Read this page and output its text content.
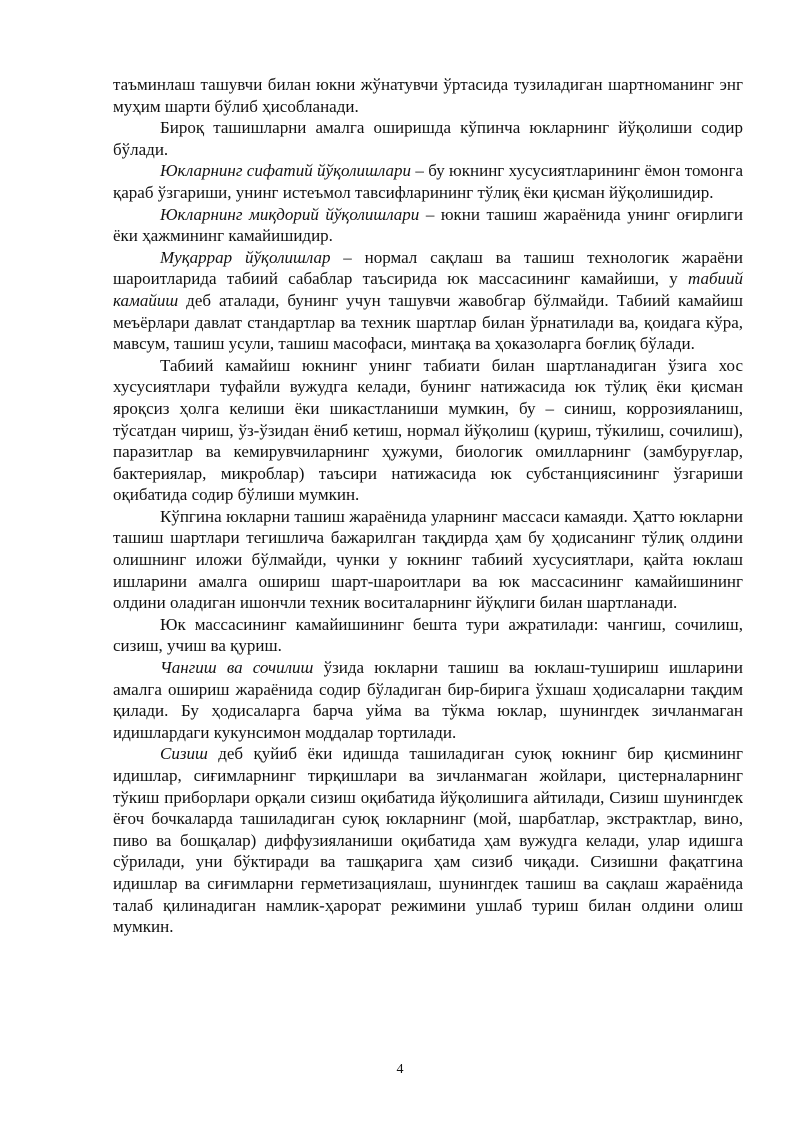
таъминлаш ташувчи билан юкни жўнатувчи ўртасида тузиладиган шартноманинг энг муҳим шарти бўлиб ҳисобланади.

Бироқ ташишларни амалга оширишда кўпинча юкларнинг йўқолиши содир бўлади.

Юкларнинг сифатий йўқолишлари – бу юкнинг хусусиятларининг ёмон томонга қараб ўзгариши, унинг истеъмол тавсифларининг тўлиқ ёки қисман йўқолишидир.

Юкларнинг миқдорий йўқолишлари – юкни ташиш жараёнида унинг оғирлиги ёки ҳажмининг камайишидир.

Муқаррар йўқолишлар – нормал сақлаш ва ташиш технологик жараёни шароитларида табиий сабаблар таъсирида юк массасининг камайиши, у табиий камайиш деб аталади, бунинг учун ташувчи жавобгар бўлмайди. Табиий камайиш меъёрлари давлат стандартлар ва техник шартлар билан ўрнатилади ва, қоидага кўра, мавсум, ташиш усули, ташиш масофаси, минтақа ва ҳоказоларга боғлиқ бўлади.

Табиий камайиш юкнинг унинг табиати билан шартланадиган ўзига хос хусусиятлари туфайли вужудга келади, бунинг натижасида юк тўлиқ ёки қисман яроқсиз ҳолга келиши ёки шикастланиши мумкин, бу – синиш, коррозияланиш, тўсатдан чириш, ўз-ўзидан ёниб кетиш, нормал йўқолиш (қуриш, тўкилиш, сочилиш), паразитлар ва кемирувчиларнинг ҳужуми, биологик омилларнинг (замбуруғлар, бактериялар, микроблар) таъсири натижасида юк субстанциясининг ўзгариши оқибатида содир бўлиши мумкин.

Кўпгина юкларни ташиш жараёнида уларнинг массаси камаяди. Ҳатто юкларни ташиш шартлари тегишлича бажарилган тақдирда ҳам бу ҳодисанинг тўлиқ олдини олишнинг иложи бўлмайди, чунки у юкнинг табиий хусусиятлари, қайта юклаш ишларини амалга ошириш шарт-шароитлари ва юк массасининг камайишининг олдини оладиган ишончли техник воситаларнинг йўқлиги билан шартланади.

Юк массасининг камайишининг бешта тури ажратилади: чангиш, сочилиш, сизиш, учиш ва қуриш.

Чангиш ва сочилиш ўзида юкларни ташиш ва юклаш-тушириш ишларини амалга ошириш жараёнида содир бўладиган бир-бирига ўхшаш ҳодисаларни тақдим қилади. Бу ҳодисаларга барча уйма ва тўкма юклар, шунингдек зичланмаган идишлардаги кукунсимон моддалар тортилади.

Сизиш деб қуйиб ёки идишда ташиладиган суюқ юкнинг бир қисмининг идишлар, сиғимларнинг тирқишлари ва зичланмаган жойлари, цистерналарнинг тўкиш приборлари орқали сизиш оқибатида йўқолишига айтилади, Сизиш шунингдек ёғоч бочкаларда ташиладиган суюқ юкларнинг (мой, шарбатлар, экстрактлар, вино, пиво ва бошқалар) диффузияланиши оқибатида ҳам вужудга келади, улар идишга сўрилади, уни бўктиради ва ташқарига ҳам сизиб чиқади. Сизишни фақатгина идишлар ва сиғимларни герметизациялаш, шунингдек ташиш ва сақлаш жараёнида талаб қилинадиган намлик-ҳарорат режимини ушлаб туриш билан олдини олиш мумкин.

4
